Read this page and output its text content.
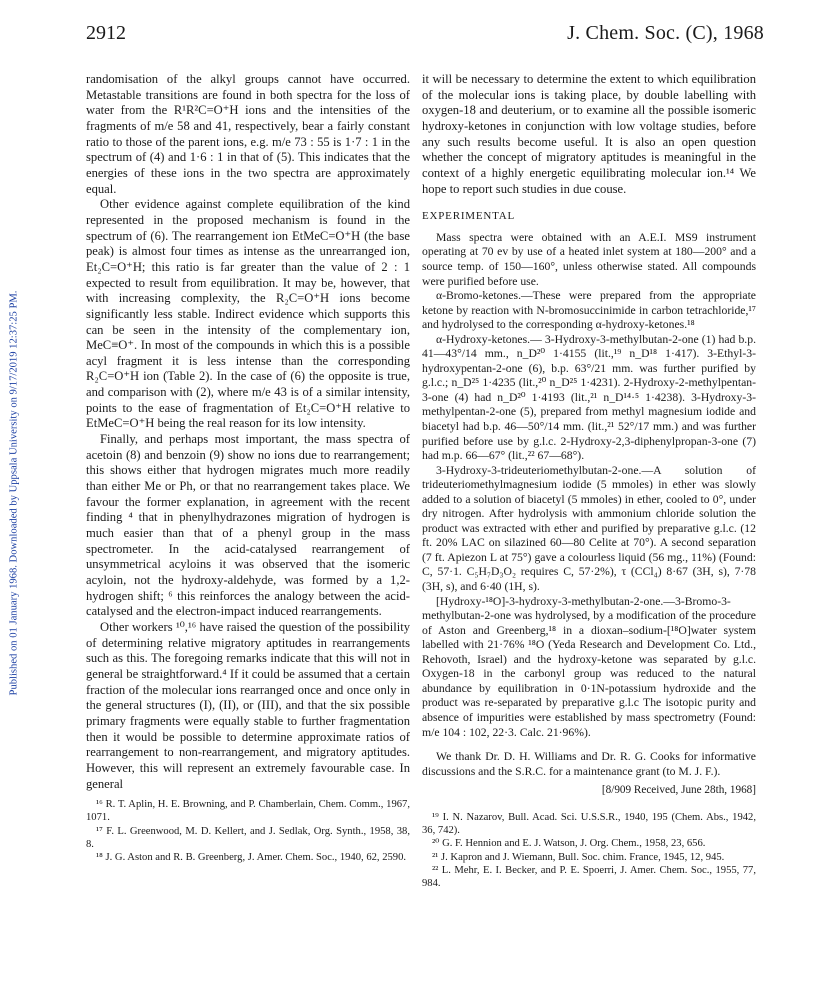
2912	J. Chem. Soc. (C), 1968
Published on 01 January 1968. Downloaded by Uppsala University on 9/17/2019 12:37:25 PM.

randomisation of the alkyl groups cannot have occurred. Metastable transitions are found in both spectra for the loss of water from the R¹R²C=O⁺H ions and the intensities of the fragments of m/e 58 and 41, respectively, bear a fairly constant ratio to those of the parent ions, e.g. m/e 73 : 55 is 1·7 : 1 in the spectrum of (4) and 1·6 : 1 in that of (5). This indicates that the energies of these ions in the two spectra are approximately equal.

Other evidence against complete equilibration of the kind represented in the proposed mechanism is found in the spectrum of (6). The rearrangement ion EtMeC=O⁺H (the base peak) is almost four times as intense as the unrearranged ion, Et₂C=O⁺H; this ratio is far greater than the value of 2 : 1 expected to result from equilibration. It may be, however, that with increasing complexity, the R₂C=O⁺H ions become significantly less stable. Indirect evidence which supports this can be seen in the intensity of the complementary ion, MeC≡O⁺. In most of the compounds in which this is a possible acyl fragment it is less intense than the corresponding R₂C=O⁺H ion (Table 2). In the case of (6) the opposite is true, and comparison with (2), where m/e 43 is of a similar intensity, points to the ease of fragmentation of Et₂C=O⁺H relative to EtMeC=O⁺H being the real reason for its low intensity.

Finally, and perhaps most important, the mass spectra of acetoin (8) and benzoin (9) show no ions due to rearrangement; this shows either that hydrogen migrates much more readily than either Me or Ph, or that no rearrangement takes place. We favour the former explanation, in agreement with the recent finding ⁴ that in phenylhydrazones migration of hydrogen is much easier than that of a phenyl group in the mass spectrometer. In the acid-catalysed rearrangement of unsymmetrical acyloins it was observed that the isomeric acyloin, not the hydroxy-aldehyde, was formed by a 1,2-hydrogen shift; ⁶ this reinforces the analogy between the acid-catalysed and the electron-impact induced rearrangements.

Other workers ¹⁰,¹⁶ have raised the question of the possibility of determining relative migratory aptitudes in rearrangements such as this. The foregoing remarks indicate that this will not in general be straightforward.⁴ If it could be assumed that a certain fraction of the molecular ions rearranged once and once only in the general structures (I), (II), or (III), and that the six possible primary fragments were equally stable to further fragmentation then it would be possible to determine approximate ratios of rearrangement to non-rearrangement, and migratory aptitudes. However, this will represent an extremely favourable case. In general

¹⁶ R. T. Aplin, H. E. Browning, and P. Chamberlain, Chem. Comm., 1967, 1071.

¹⁷ F. L. Greenwood, M. D. Kellert, and J. Sedlak, Org. Synth., 1958, 38, 8.

¹⁸ J. G. Aston and R. B. Greenberg, J. Amer. Chem. Soc., 1940, 62, 2590.

it will be necessary to determine the extent to which equilibration of the molecular ions is taking place, by double labelling with oxygen-18 and deuterium, or to examine all the possible isomeric hydroxy-ketones in conjunction with low voltage studies, before any such results become useful. It is also an open question whether the concept of migratory aptitudes is meaningful in the context of a highly energetic equilibrating molecular ion.¹⁴ We hope to report such studies in due couse.

EXPERIMENTAL

Mass spectra were obtained with an A.E.I. MS9 instrument operating at 70 ev by use of a heated inlet system at 180—200° and a source temp. of 150—160°, unless otherwise stated. All compounds were purified before use.

α-Bromo-ketones.—These were prepared from the appropriate ketone by reaction with N-bromosuccinimide in carbon tetrachloride,¹⁷ and hydrolysed to the corresponding α-hydroxy-ketones.¹⁸

α-Hydroxy-ketones.— 3-Hydroxy-3-methylbutan-2-one (1) had b.p. 41—43°/14 mm., n_D²⁰ 1·4155 (lit.,¹⁹ n_D¹⁸ 1·417). 3-Ethyl-3-hydroxypentan-2-one (6), b.p. 63°/21 mm. was further purified by g.l.c.; n_D²⁵ 1·4235 (lit.,²⁰ n_D²⁵ 1·4231). 2-Hydroxy-2-methylpentan-3-one (4) had n_D²⁰ 1·4193 (lit.,²¹ n_D¹⁴·⁵ 1·4238). 3-Hydroxy-3-methylpentan-2-one (5), prepared from methyl magnesium iodide and biacetyl had b.p. 46—50°/14 mm. (lit.,²¹ 52°/17 mm.) and was further purified before use by g.l.c. 2-Hydroxy-2,3-diphenylpropan-3-one (7) had m.p. 66—67° (lit.,²² 67—68°).

3-Hydroxy-3-trideuteriomethylbutan-2-one.—A solution of trideuteriomethylmagnesium iodide (5 mmoles) in ether was slowly added to a solution of biacetyl (5 mmoles) in ether, cooled to 0°, under dry nitrogen. After hydrolysis with ammonium chloride solution the product was extracted with ether and purified by preparative g.l.c. (12 ft. 20% LAC on silazined 60—80 Celite at 70°). A second separation (7 ft. Apiezon L at 75°) gave a colourless liquid (56 mg., 11%) (Found: C, 57·1. C₅H₇D₃O₂ requires C, 57·2%), τ (CCl₄) 8·67 (3H, s), 7·78 (3H, s), and 6·40 (1H, s).

[Hydroxy-¹⁸O]-3-hydroxy-3-methylbutan-2-one.—3-Bromo-3-methylbutan-2-one was hydrolysed, by a modification of the procedure of Aston and Greenberg,¹⁸ in a dioxan–sodium-[¹⁸O]water system labelled with 21·76% ¹⁸O (Yeda Research and Development Co. Ltd., Rehovoth, Israel) and the hydroxy-ketone was separated by g.l.c. Oxygen-18 in the carbonyl group was reduced to the natural abundance by equilibration in 0·1N-potassium hydroxide and the product was re-separated by preparative g.l.c The isotopic purity and absence of impurities were established by mass spectrometry (Found: m/e 104 : 102, 22·3. Calc. 21·96%).

We thank Dr. D. H. Williams and Dr. R. G. Cooks for informative discussions and the S.R.C. for a maintenance grant (to M. J. F.).

[8/909 Received, June 28th, 1968]

¹⁹ I. N. Nazarov, Bull. Acad. Sci. U.S.S.R., 1940, 195 (Chem. Abs., 1942, 36, 742).

²⁰ G. F. Hennion and E. J. Watson, J. Org. Chem., 1958, 23, 656.

²¹ J. Kapron and J. Wiemann, Bull. Soc. chim. France, 1945, 12, 945.

²² L. Mehr, E. I. Becker, and P. E. Spoerri, J. Amer. Chem. Soc., 1955, 77, 984.
